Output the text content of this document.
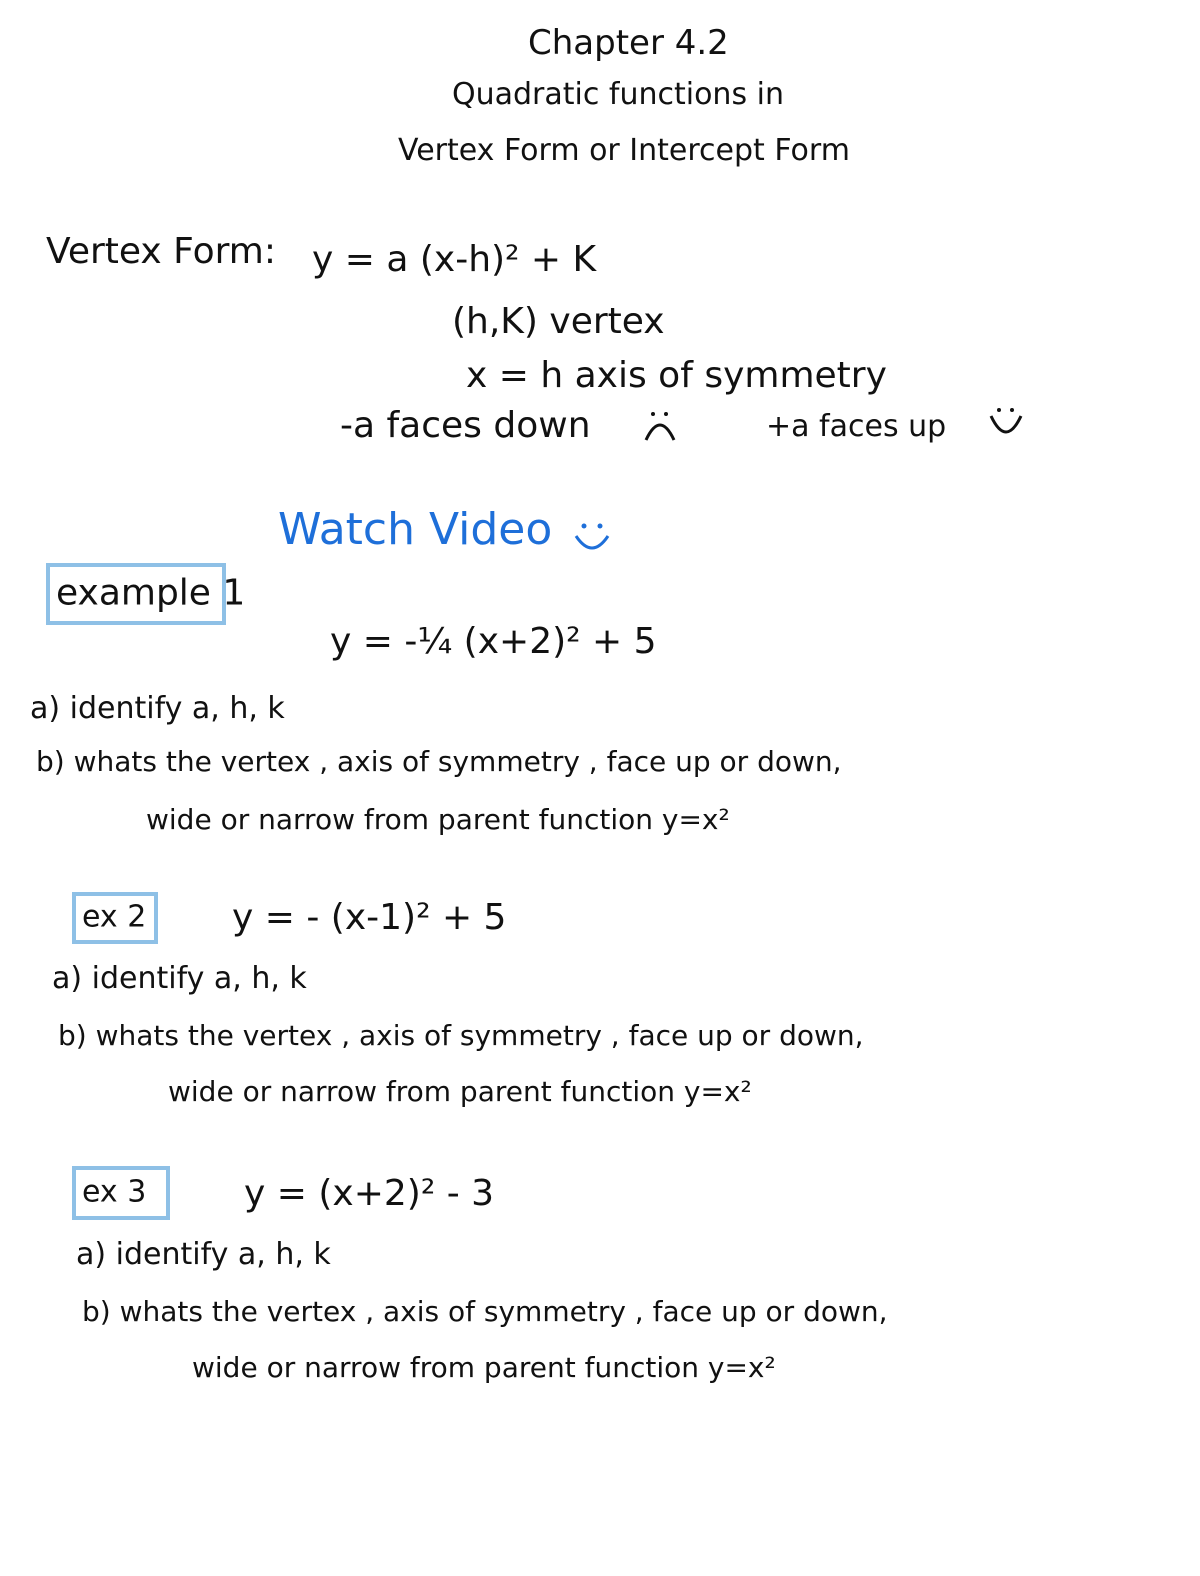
Chapter 4.2
Quadratic functions in
Vertex Form or Intercept Form
Vertex Form: y = a (x-h)² + K
(h,K) vertex
x = h axis of symmetry
-a faces down	+a faces up
Watch Video
example 1
y = -¼ (x+2)² + 5
a) identify a, h, k
b) whats the vertex , axis of symmetry , face up or down,
wide or narrow from parent function y=x²
ex 2 y = - (x-1)² + 5
a) identify a, h, k
b) whats the vertex , axis of symmetry , face up or down,
wide or narrow from parent function y=x²
ex 3	y = (x+2)² - 3
a) identify a, h, k
b) whats the vertex , axis of symmetry , face up or down,
wide or narrow from parent function y=x²
